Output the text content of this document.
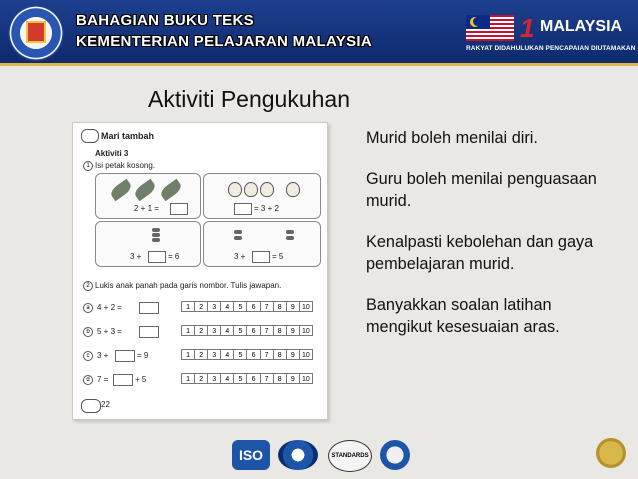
BAHAGIAN BUKU TEKS
KEMENTERIAN PELAJARAN MALAYSIA	1 MALAYSIA
RAKYAT DIDAHULUKAN PENCAPAIAN DIUTAMAKAN
Aktiviti Pengukuhan
Mari tambah
Aktiviti 3
1 Isi petak kosong.
2 + 1 =	= 3 + 2
3 +	= 6	3 +	= 5
2 Lukis anak panah pada garis nombor. Tulis jawapan.
a 4 + 2 =	1	2	3	4	5	6	7	8	9	10
b 5 + 3 =	1	2	3	4	5	6	7	8	9	10
c 3 +	= 9	1	2	3	4	5	6	7	8	9	10
d 7 =	+ 5	1	2	3	4	5	6	7	8	9	10
22

Murid boleh menilai diri.

Guru boleh menilai penguasaan murid.

Kenalpasti kebolehan dan gaya pembelajaran murid.

Banyakkan soalan latihan mengikut kesesuaian aras.

ISO	STANDARDS
